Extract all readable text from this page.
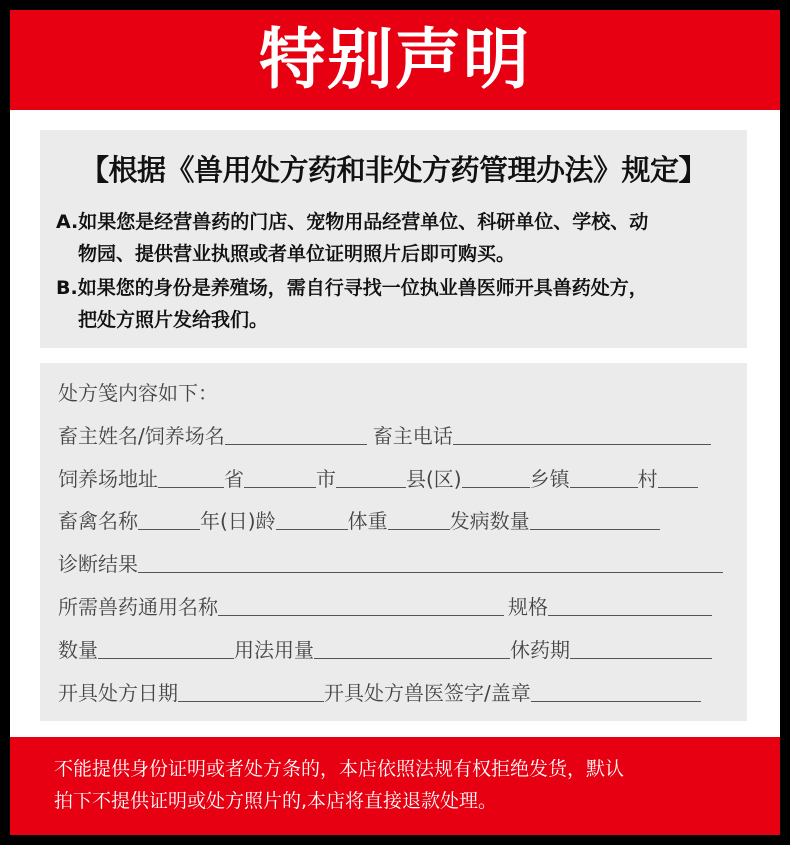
特别声明
【根据《兽用处方药和非处方药管理办法》规定】
A.如果您是经营兽药的门店、宠物用品经营单位、科研单位、学校、动
物园、提供营业执照或者单位证明照片后即可购买。
B.如果您的身份是养殖场，需自行寻找一位执业兽医师开具兽药处方，
把处方照片发给我们。
处方笺内容如下：
畜主姓名/饲养场名	畜主电话
饲养场地址	省	市	县(区)	乡镇	村
畜禽名称	年(日)龄	体重	发病数量
诊断结果
所需兽药通用名称	规格
数量	用法用量	休药期
开具处方日期	开具处方兽医签字/盖章
不能提供身份证明或者处方条的，本店依照法规有权拒绝发货，默认
拍下不提供证明或处方照片的,本店将直接退款处理。
